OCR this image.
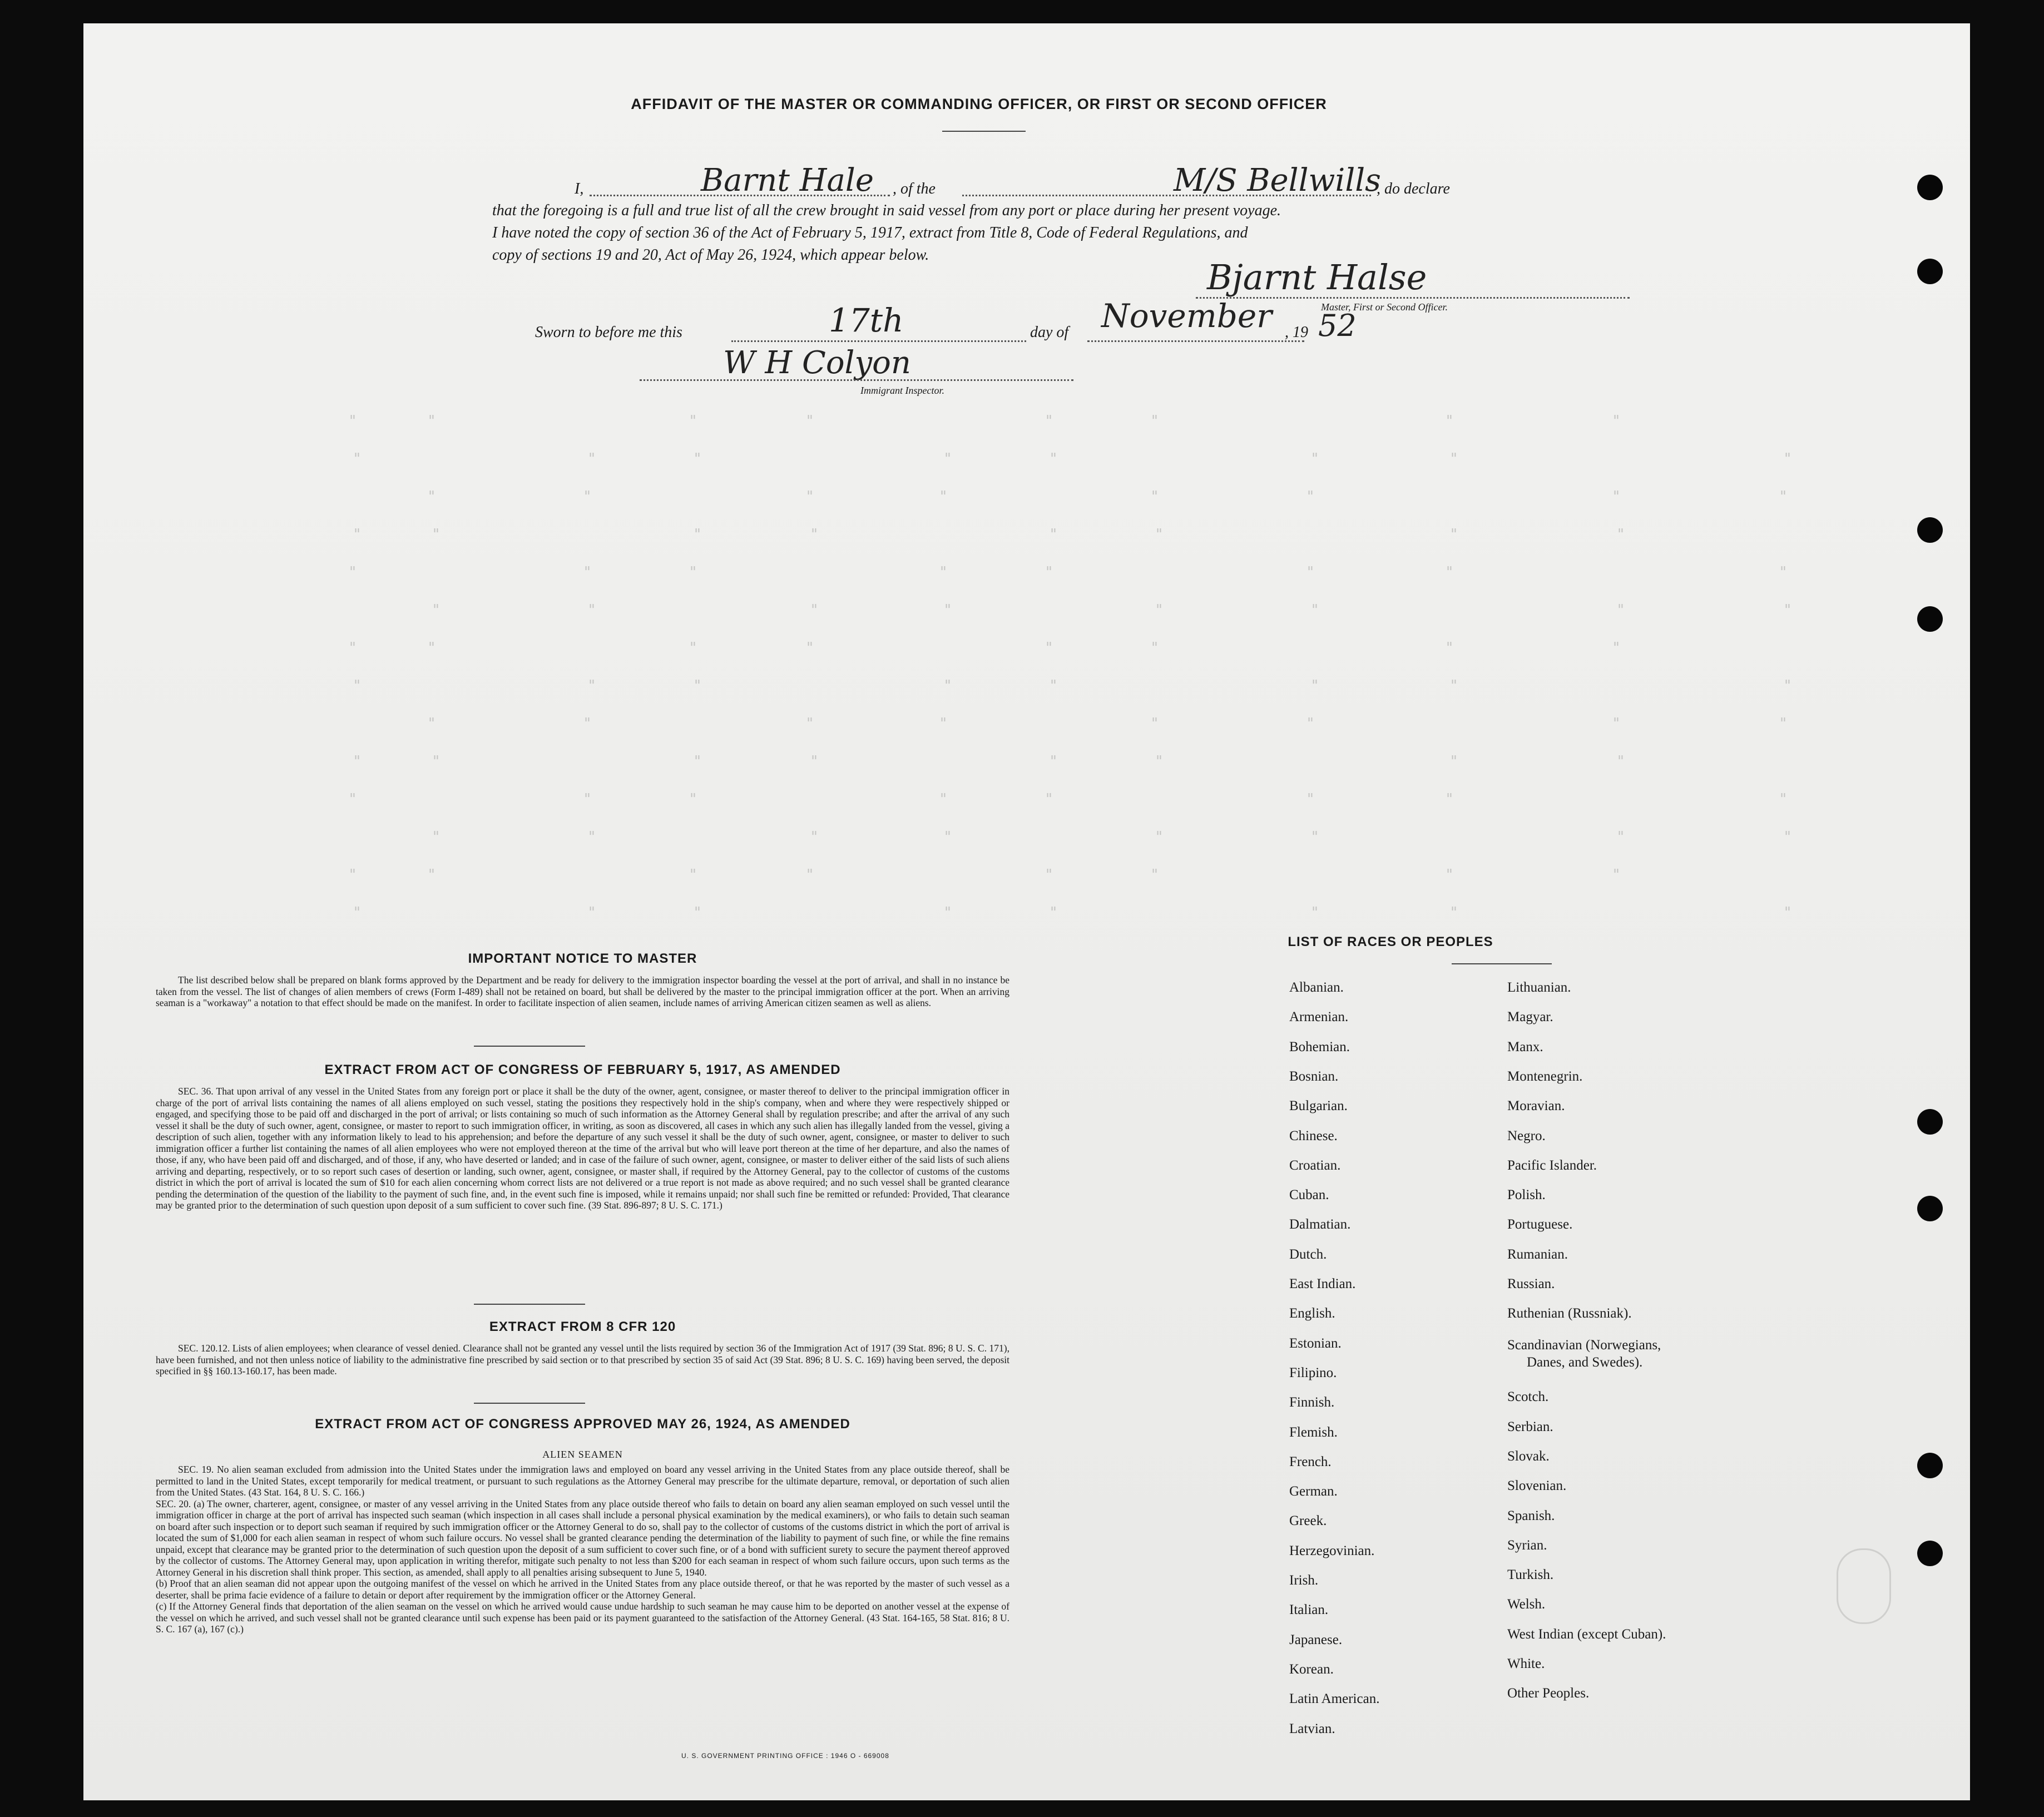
"	"	"	"	"	"	"	"
"	"	"	"	"	"	"	"
"	"	"	"	"	"	"	"
"	"	"	"	"	"	"	"
"	"	"	"	"	"	"	"
"	"	"	"	"	"	"	"
"	"	"	"	"	"	"	"
"	"	"	"	"	"	"	"
"	"	"	"	"	"	"	"
"	"	"	"	"	"	"	"
"	"	"	"	"	"	"	"
"	"	"	"	"	"	"	"
"	"	"	"	"	"	"	"
"	"	"	"	"	"	"	"
AFFIDAVIT OF THE MASTER OR COMMANDING OFFICER, OR FIRST OR SECOND OFFICER
I,	, of the	, do declare
Barnt Hale	M/S Bellwills
that the foregoing is a full and true list of all the crew brought in said vessel from any port or place during her present voyage.
I have noted the copy of section 36 of the Act of February 5, 1917, extract from Title 8, Code of Federal Regulations, and
copy of sections 19 and 20, Act of May 26, 1924, which appear below.
Bjarnt Halse
Master, First or Second Officer.
Sworn to before me this	17th	day of November , 19 52
W H Colyon
Immigrant Inspector.
IMPORTANT NOTICE TO MASTER

The list described below shall be prepared on blank forms approved by the Department and be ready for delivery to the immigration inspector boarding the vessel at the port of arrival, and shall in no instance be taken from the vessel. The list of changes of alien members of crews (Form I-489) shall not be retained on board, but shall be delivered by the master to the principal immigration officer at the port. When an arriving seaman is a "workaway" a notation to that effect should be made on the manifest. In order to facilitate inspection of alien seamen, include names of arriving American citizen seamen as well as aliens.

EXTRACT FROM ACT OF CONGRESS OF FEBRUARY 5, 1917, AS AMENDED

SEC. 36. That upon arrival of any vessel in the United States from any foreign port or place it shall be the duty of the owner, agent, consignee, or master thereof to deliver to the principal immigration officer in charge of the port of arrival lists containing the names of all aliens employed on such vessel, stating the positions they respectively hold in the ship's company, when and where they were respectively shipped or engaged, and specifying those to be paid off and discharged in the port of arrival; or lists containing so much of such information as the Attorney General shall by regulation prescribe; and after the arrival of any such vessel it shall be the duty of such owner, agent, consignee, or master to report to such immigration officer, in writing, as soon as discovered, all cases in which any such alien has illegally landed from the vessel, giving a description of such alien, together with any information likely to lead to his apprehension; and before the departure of any such vessel it shall be the duty of such owner, agent, consignee, or master to deliver to such immigration officer a further list containing the names of all alien employees who were not employed thereon at the time of the arrival but who will leave port thereon at the time of her departure, and also the names of those, if any, who have been paid off and discharged, and of those, if any, who have deserted or landed; and in case of the failure of such owner, agent, consignee, or master to deliver either of the said lists of such aliens arriving and departing, respectively, or to so report such cases of desertion or landing, such owner, agent, consignee, or master shall, if required by the Attorney General, pay to the collector of customs of the customs district in which the port of arrival is located the sum of $10 for each alien concerning whom correct lists are not delivered or a true report is not made as above required; and no such vessel shall be granted clearance pending the determination of the question of the liability to the payment of such fine, and, in the event such fine is imposed, while it remains unpaid; nor shall such fine be remitted or refunded: Provided, That clearance may be granted prior to the determination of such question upon deposit of a sum sufficient to cover such fine. (39 Stat. 896-897; 8 U. S. C. 171.)

EXTRACT FROM 8 CFR 120

SEC. 120.12. Lists of alien employees; when clearance of vessel denied. Clearance shall not be granted any vessel until the lists required by section 36 of the Immigration Act of 1917 (39 Stat. 896; 8 U. S. C. 171), have been furnished, and not then unless notice of liability to the administrative fine prescribed by said section or to that prescribed by section 35 of said Act (39 Stat. 896; 8 U. S. C. 169) having been served, the deposit specified in §§ 160.13-160.17, has been made.

EXTRACT FROM ACT OF CONGRESS APPROVED MAY 26, 1924, AS AMENDED
ALIEN SEAMEN

SEC. 19. No alien seaman excluded from admission into the United States under the immigration laws and employed on board any vessel arriving in the United States from any place outside thereof, shall be permitted to land in the United States, except temporarily for medical treatment, or pursuant to such regulations as the Attorney General may prescribe for the ultimate departure, removal, or deportation of such alien from the United States. (43 Stat. 164, 8 U. S. C. 166.)
SEC. 20. (a) The owner, charterer, agent, consignee, or master of any vessel arriving in the United States from any place outside thereof who fails to detain on board any alien seaman employed on such vessel until the immigration officer in charge at the port of arrival has inspected such seaman (which inspection in all cases shall include a personal physical examination by the medical examiners), or who fails to detain such seaman on board after such inspection or to deport such seaman if required by such immigration officer or the Attorney General to do so, shall pay to the collector of customs of the customs district in which the port of arrival is located the sum of $1,000 for each alien seaman in respect of whom such failure occurs. No vessel shall be granted clearance pending the determination of the liability to payment of such fine, or while the fine remains unpaid, except that clearance may be granted prior to the determination of such question upon the deposit of a sum sufficient to cover such fine, or of a bond with sufficient surety to secure the payment thereof approved by the collector of customs. The Attorney General may, upon application in writing therefor, mitigate such penalty to not less than $200 for each seaman in respect of whom such failure occurs, upon such terms as the Attorney General in his discretion shall think proper. This section, as amended, shall apply to all penalties arising subsequent to June 5, 1940.
(b) Proof that an alien seaman did not appear upon the outgoing manifest of the vessel on which he arrived in the United States from any place outside thereof, or that he was reported by the master of such vessel as a deserter, shall be prima facie evidence of a failure to detain or deport after requirement by the immigration officer or the Attorney General.
(c) If the Attorney General finds that deportation of the alien seaman on the vessel on which he arrived would cause undue hardship to such seaman he may cause him to be deported on another vessel at the expense of the vessel on which he arrived, and such vessel shall not be granted clearance until such expense has been paid or its payment guaranteed to the satisfaction of the Attorney General. (43 Stat. 164-165, 58 Stat. 816; 8 U. S. C. 167 (a), 167 (c).)

U. S. GOVERNMENT PRINTING OFFICE : 1946 O - 669008
LIST OF RACES OR PEOPLES
Albanian.
Armenian.
Bohemian.
Bosnian.
Bulgarian.
Chinese.
Croatian.
Cuban.
Dalmatian.
Dutch.
East Indian.
English.
Estonian.
Filipino.
Finnish.
Flemish.
French.
German.
Greek.
Herzegovinian.
Irish.
Italian.
Japanese.
Korean.
Latin American.
Latvian.
Lithuanian.
Magyar.
Manx.
Montenegrin.
Moravian.
Negro.
Pacific Islander.
Polish.
Portuguese.
Rumanian.
Russian.
Ruthenian (Russniak).
Scandinavian (Norwegians,
Danes, and Swedes).
Scotch.
Serbian.
Slovak.
Slovenian.
Spanish.
Syrian.
Turkish.
Welsh.
West Indian (except Cuban).
White.
Other Peoples.
